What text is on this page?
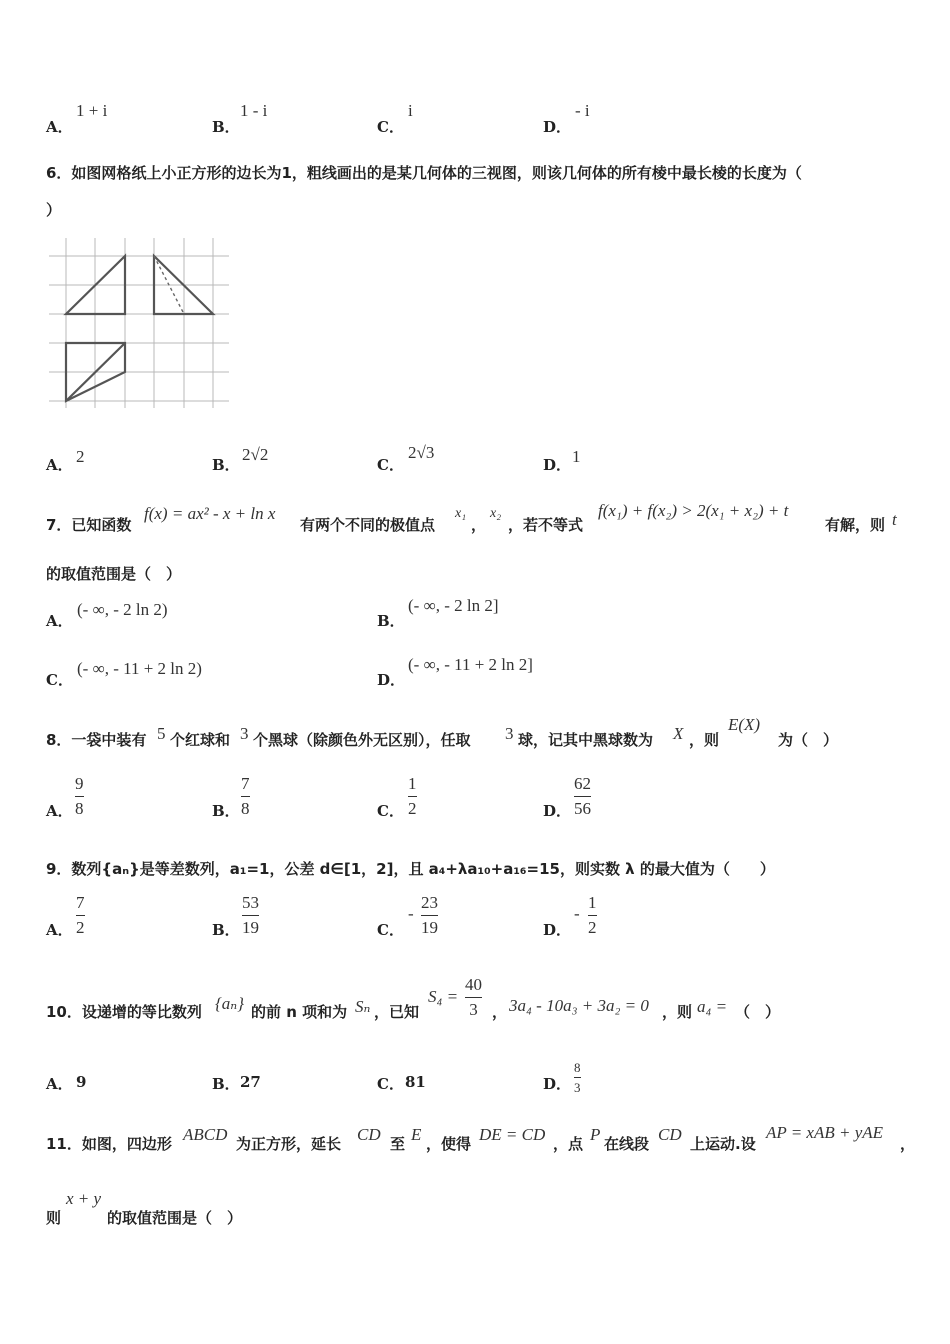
A．
1 + i
B．
1 - i
C．
i
D．
- i
6．如图网格纸上小正方形的边长为1，粗线画出的是某几何体的三视图，则该几何体的所有棱中最长棱的长度为（
）
A． 2	B．
2√2
C．
2√3
D． 1
7．已知函数
f(x) = ax² - x + ln x
有两个不同的极值点
x₁
，
x₂
，若不等式
f(x₁) + f(x₂) > 2(x₁ + x₂) + t
有解，则 t
的取值范围是（　）
A．
(- ∞, - 2 ln 2)
B．
(- ∞, - 2 ln 2]
C．
(- ∞, - 11 + 2 ln 2)
D．
(- ∞, - 11 + 2 ln 2]
8．一袋中装有 5 个红球和 3 个黑球（除颜色外无区别），任取 3 球，记其中黑球数为 X ，则
E(X)
为（　）
A．
9
8	B．
7
8	C．
1
2	D．
62
56
9．数列{aₙ}是等差数列，a₁=1，公差 d∈[1，2]，且 a₄+λa₁₀+a₁₆=15，则实数 λ 的最大值为（　　）
A．
7
2	B．
53
19	C．
-
23
19	D．
-
1
2
10．设递增的等比数列 {aₙ} 的前 n 项和为 Sₙ ，已知
S₄ =
40
3 ， 3a₄ - 10a₃ + 3a₂ = 0 ，则 a₄ = （　）
A． 9	B． 27	C． 81	D．
8
3
11．如图，四边形 ABCD 为正方形，延长 CD 至 E ，使得 DE = CD ，点 P 在线段 CD 上运动.设
AP = xAB + yAE
，
则
x + y
的取值范围是（　）
